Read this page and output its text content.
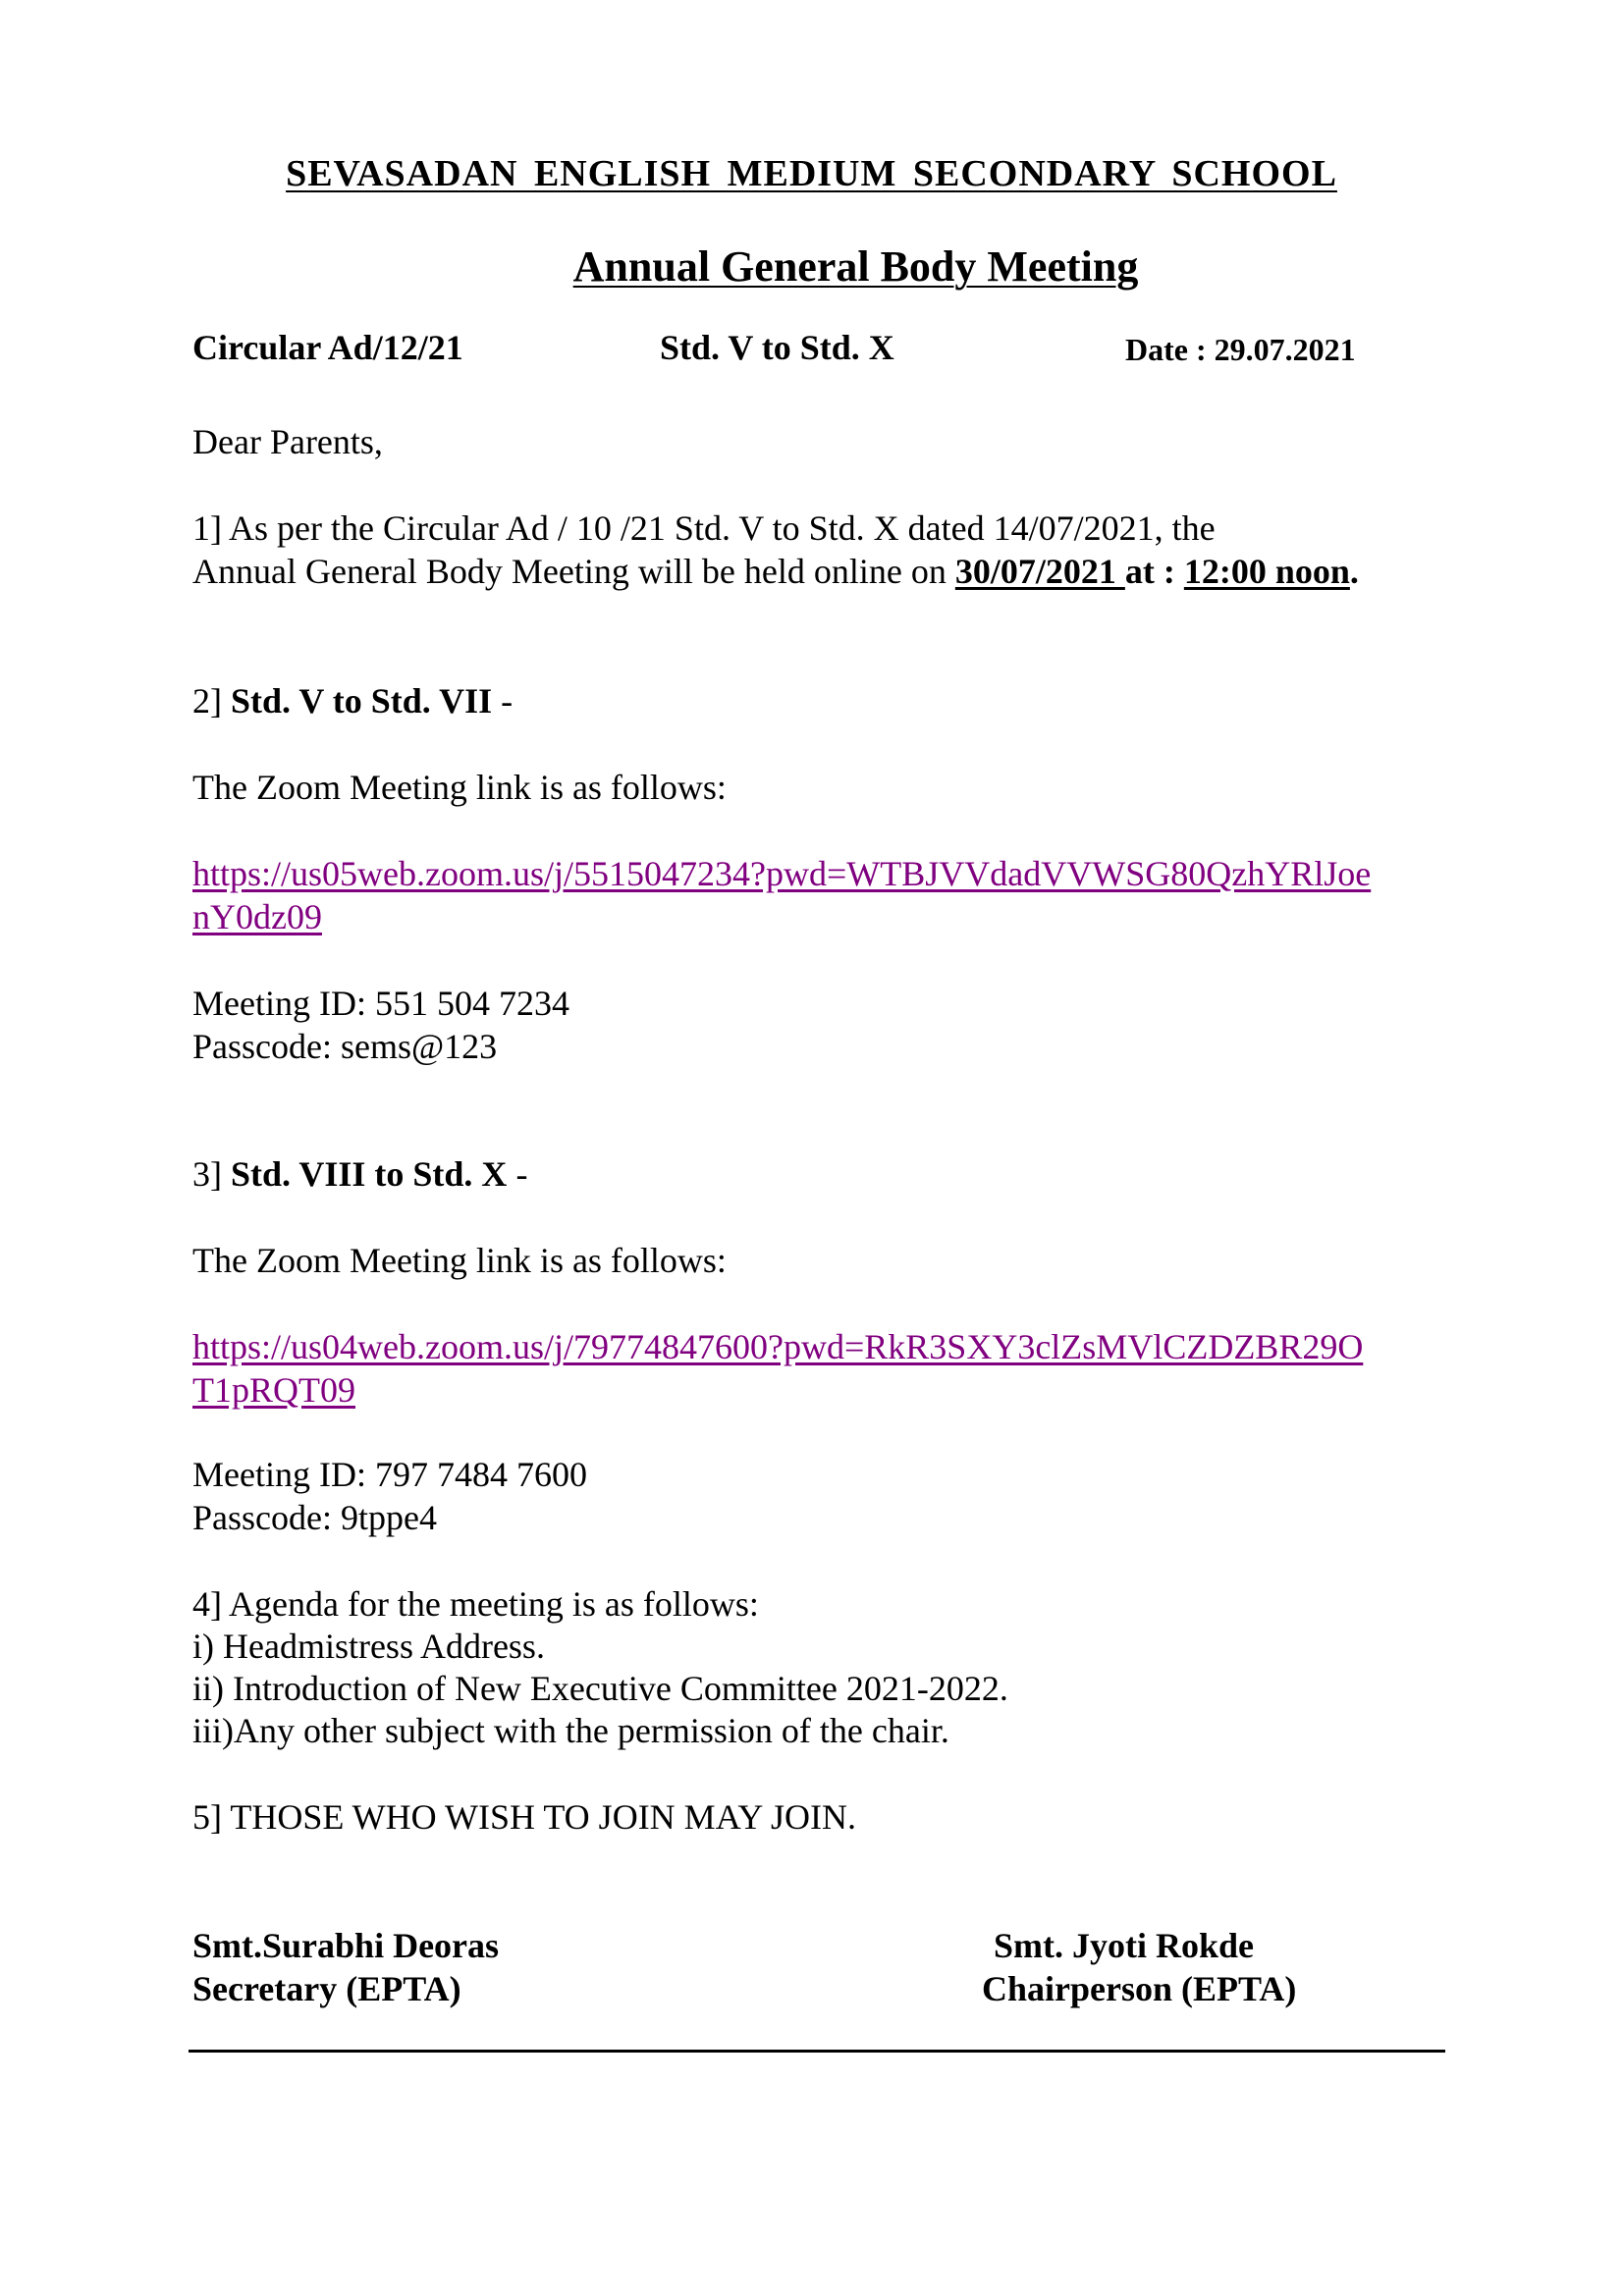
SEVASADAN ENGLISH MEDIUM SECONDARY SCHOOL
Annual General Body Meeting
Circular Ad/12/21	Std. V to Std. X	Date : 29.07.2021
Dear Parents,
1] As per the Circular Ad / 10 /21 Std. V to Std. X dated 14/07/2021, the
Annual General Body Meeting will be held online on 30/07/2021 at : 12:00 noon.
2] Std. V to Std. VII -
The Zoom Meeting link is as follows:
https://us05web.zoom.us/j/5515047234?pwd=WTBJVVdadVVWSG80QzhYRlJoe
nY0dz09
Meeting ID: 551 504 7234
Passcode: sems@123
3] Std. VIII to Std. X -
The Zoom Meeting link is as follows:
https://us04web.zoom.us/j/79774847600?pwd=RkR3SXY3clZsMVlCZDZBR29O
T1pRQT09
Meeting ID: 797 7484 7600
Passcode: 9tppe4
4] Agenda for the meeting is as follows:
i) Headmistress Address.
ii) Introduction of New Executive Committee 2021-2022.
iii)Any other subject with the permission of the chair.
5] THOSE WHO WISH TO JOIN MAY JOIN.
Smt.Surabhi Deoras
Secretary (EPTA)
Smt. Jyoti Rokde
Chairperson (EPTA)
